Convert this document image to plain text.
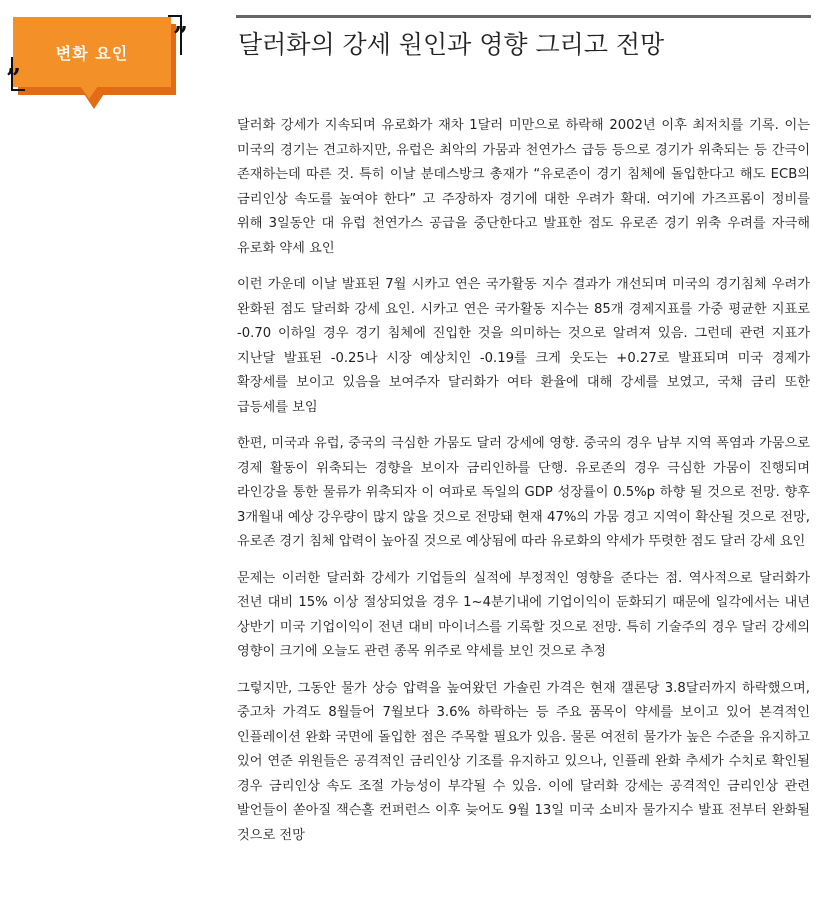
변화 요인
”
”
달러화의 강세 원인과 영향 그리고 전망

달러화 강세가 지속되며 유로화가 재차 1달러 미만으로 하락해 2002년 이후 최저치를 기록. 이는 미국의 경기는 견고하지만, 유럽은 최악의 가뭄과 천연가스 급등 등으로 경기가 위축되는 등 간극이 존재하는데 따른 것. 특히 이날 분데스방크 총재가 “유로존이 경기 침체에 돌입한다고 해도 ECB의 금리인상 속도를 높여야 한다” 고 주장하자 경기에 대한 우려가 확대. 여기에 가즈프롬이 정비를 위해 3일동안 대 유럽 천연가스 공급을 중단한다고 발표한 점도 유로존 경기 위축 우려를 자극해 유로화 약세 요인

이런 가운데 이날 발표된 7월 시카고 연은 국가활동 지수 결과가 개선되며 미국의 경기침체 우려가 완화된 점도 달러화 강세 요인. 시카고 연은 국가활동 지수는 85개 경제지표를 가중 평균한 지표로 -0.70 이하일 경우 경기 침체에 진입한 것을 의미하는 것으로 알려져 있음. 그런데 관련 지표가 지난달 발표된 -0.25나 시장 예상치인 -0.19를 크게 웃도는 +0.27로 발표되며 미국 경제가 확장세를 보이고 있음을 보여주자 달러화가 여타 환율에 대해 강세를 보였고, 국채 금리 또한 급등세를 보임

한편, 미국과 유럽, 중국의 극심한 가뭄도 달러 강세에 영향. 중국의 경우 남부 지역 폭염과 가뭄으로 경제 활동이 위축되는 경향을 보이자 금리인하를 단행. 유로존의 경우 극심한 가뭄이 진행되며 라인강을 통한 물류가 위축되자 이 여파로 독일의 GDP 성장률이 0.5%p 하향 될 것으로 전망. 향후 3개월내 예상 강우량이 많지 않을 것으로 전망돼 현재 47%의 가뭄 경고 지역이 확산될 것으로 전망, 유로존 경기 침체 압력이 높아질 것으로 예상됨에 따라 유로화의 약세가 뚜렷한 점도 달러 강세 요인

문제는 이러한 달러화 강세가 기업들의 실적에 부정적인 영향을 준다는 점. 역사적으로 달러화가 전년 대비 15% 이상 절상되었을 경우 1~4분기내에 기업이익이 둔화되기 때문에 일각에서는 내년 상반기 미국 기업이익이 전년 대비 마이너스를 기록할 것으로 전망. 특히 기술주의 경우 달러 강세의 영향이 크기에 오늘도 관련 종목 위주로 약세를 보인 것으로 추정

그렇지만, 그동안 물가 상승 압력을 높여왔던 가솔린 가격은 현재 갤론당 3.8달러까지 하락했으며, 중고차 가격도 8월들어 7월보다 3.6% 하락하는 등 주요 품목이 약세를 보이고 있어 본격적인 인플레이션 완화 국면에 돌입한 점은 주목할 필요가 있음. 물론 여전히 물가가 높은 수준을 유지하고 있어 연준 위원들은 공격적인 금리인상 기조를 유지하고 있으나, 인플레 완화 추세가 수치로 확인될 경우 금리인상 속도 조절 가능성이 부각될 수 있음. 이에 달러화 강세는 공격적인 금리인상 관련 발언들이 쏟아질 잭슨홀 컨퍼런스 이후 늦어도 9월 13일 미국 소비자 물가지수 발표 전부터 완화될 것으로 전망
